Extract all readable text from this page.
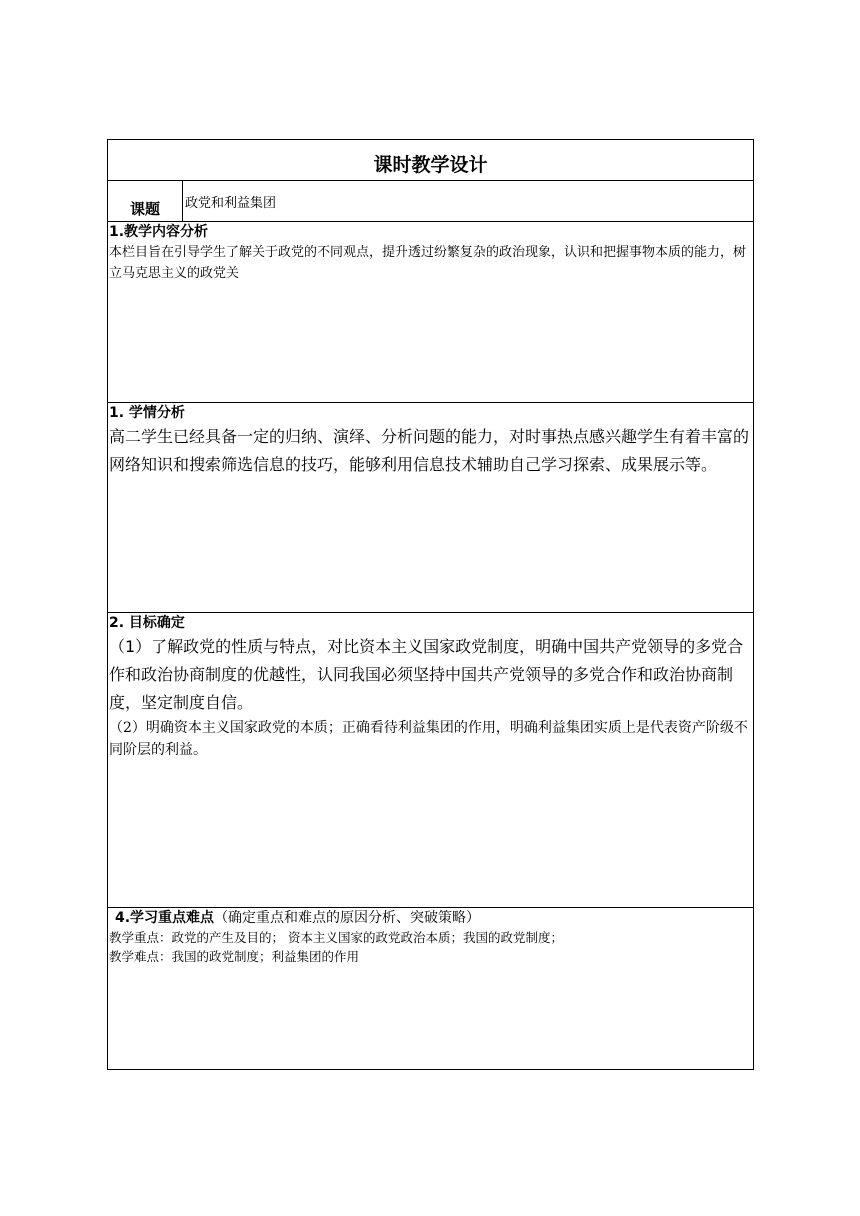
课时教学设计
课题	政党和利益集团

1.教学内容分析
本栏目旨在引导学生了解关于政党的不同观点，提升透过纷繁复杂的政治现象，认识和把握事物本质的能力，树立马克思主义的政党关

1. 学情分析
高二学生已经具备一定的归纳、演绎、分析问题的能力，对时事热点感兴趣学生有着丰富的网络知识和搜索筛选信息的技巧，能够利用信息技术辅助自己学习探索、成果展示等。

2. 目标确定
（1）了解政党的性质与特点，对比资本主义国家政党制度，明确中国共产党领导的多党合作和政治协商制度的优越性，认同我国必须坚持中国共产党领导的多党合作和政治协商制度，坚定制度自信。
（2）明确资本主义国家政党的本质；正确看待利益集团的作用，明确利益集团实质上是代表资产阶级不同阶层的利益。

4.学习重点难点（确定重点和难点的原因分析、突破策略）
教学重点：政党的产生及目的； 资本主义国家的政党政治本质；我国的政党制度；
教学难点：我国的政党制度；利益集团的作用
